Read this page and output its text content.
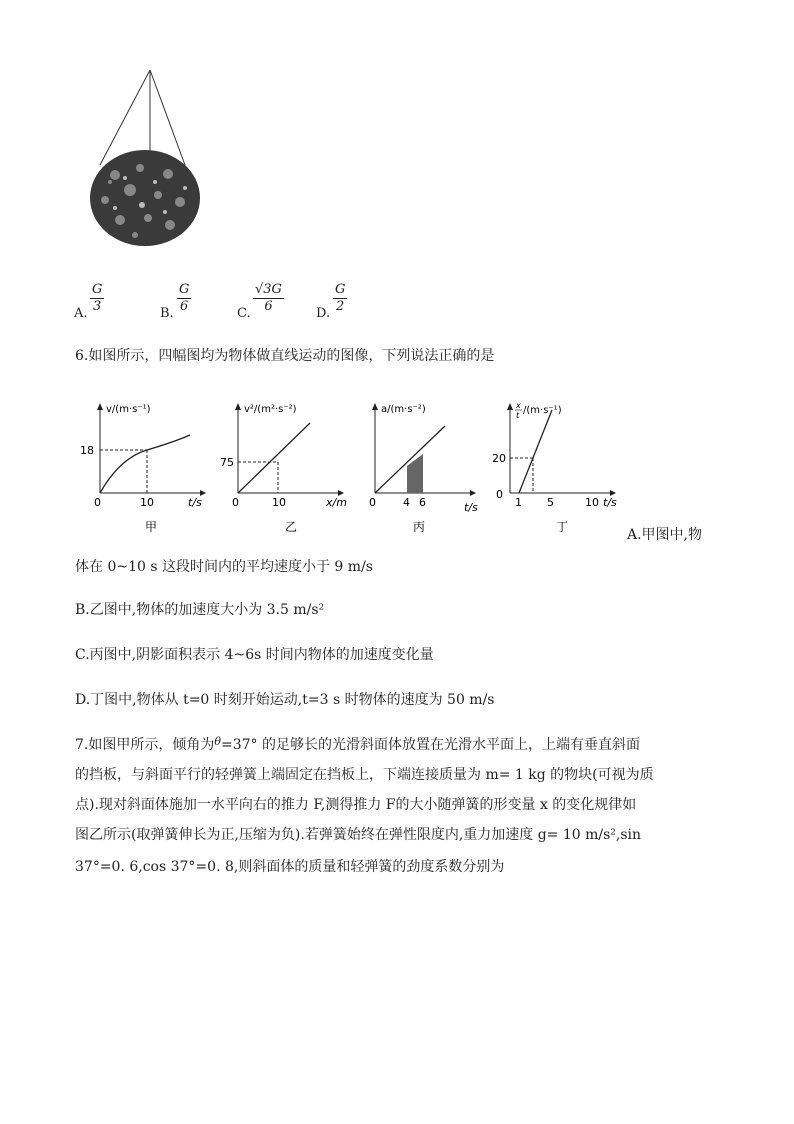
A. $\frac{G}{3}$	B. $\frac{G}{6}$	C. $\frac{√3G}{6} D$. $\frac{G}{2}$
6.如图所示，四幅图均为物体做直线运动的图像，下列说法正确的是
v/(m·s⁻¹)
18
0	10	t/s
甲
v²/(m²·s⁻²)
75
0	10	x/m
乙
a/(m·s⁻²)
0 4 6	t/s
丙
x
t /(m·s⁻¹)
20
0
1 5	10 t/s
丁	A.甲图中,物
体在 0~10 s 这段时间内的平均速度小于 9 m/s
B.乙图中,物体的加速度大小为 3.5 m/s²
C.丙图中,阴影面积表示 4~6s 时间内物体的加速度变化量
D.丁图中,物体从 t=0 时刻开始运动,t=3 s 时物体的速度为 50 m/s
7.如图甲所示，倾角为$^\theta$=37° 的足够长的光滑斜面体放置在光滑水平面上，上端有垂直斜面
的挡板，与斜面平行的轻弹簧上端固定在挡板上，下端连接质量为 m= 1 kg 的物块(可视为质
点).现对斜面体施加一水平向右的推力 F,测得推力 F的大小随弹簧的形变量 x 的变化规律如
图乙所示(取弹簧伸长为正,压缩为负).若弹簧始终在弹性限度内,重力加速度 g= 10 m/s²,sin
37°=0. 6,cos 37°=0. 8,则斜面体的质量和轻弹簧的劲度系数分别为
